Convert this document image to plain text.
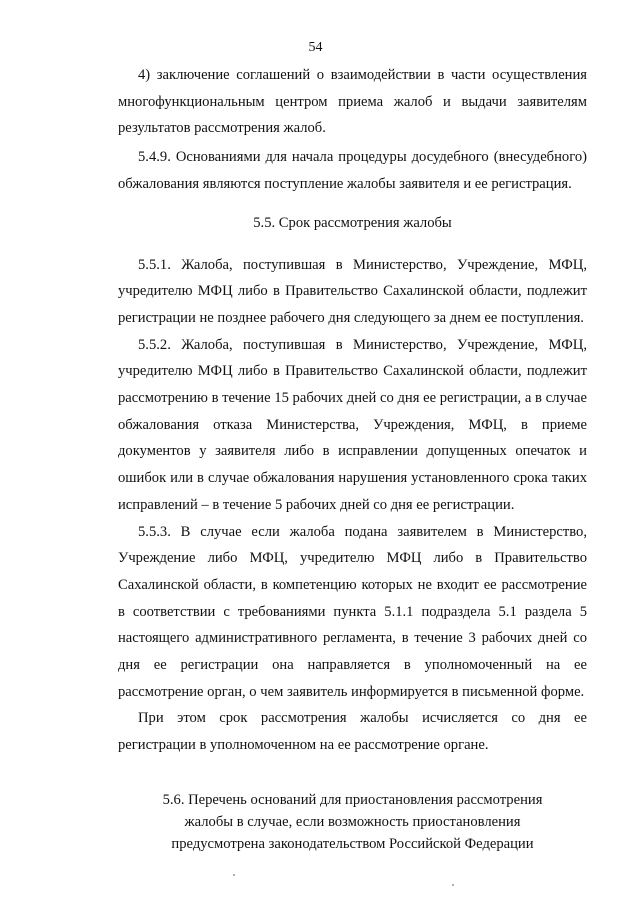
54

4) заключение соглашений о взаимодействии в части осуществления многофункциональным центром приема жалоб и выдачи заявителям результатов рассмотрения жалоб.

5.4.9. Основаниями для начала процедуры досудебного (внесудебного) обжалования являются поступление жалобы заявителя и ее регистрация.

5.5. Срок рассмотрения жалобы

5.5.1. Жалоба, поступившая в Министерство, Учреждение, МФЦ, учредителю МФЦ либо в Правительство Сахалинской области, подлежит регистрации не позднее рабочего дня следующего за днем ее поступления.

5.5.2. Жалоба, поступившая в Министерство, Учреждение, МФЦ, учредителю МФЦ либо в Правительство Сахалинской области, подлежит рассмотрению в течение 15 рабочих дней со дня ее регистрации, а в случае обжалования отказа Министерства, Учреждения, МФЦ, в приеме документов у заявителя либо в исправлении допущенных опечаток и ошибок или в случае обжалования нарушения установленного срока таких исправлений – в течение 5 рабочих дней со дня ее регистрации.

5.5.3. В случае если жалоба подана заявителем в Министерство, Учреждение либо МФЦ, учредителю МФЦ либо в Правительство Сахалинской области, в компетенцию которых не входит ее рассмотрение в соответствии с требованиями пункта 5.1.1 подраздела 5.1 раздела 5 настоящего административного регламента, в течение 3 рабочих дней со дня ее регистрации она направляется в уполномоченный на ее рассмотрение орган, о чем заявитель информируется в письменной форме.

При этом срок рассмотрения жалобы исчисляется со дня ее регистрации в уполномоченном на ее рассмотрение органе.

5.6. Перечень оснований для приостановления рассмотрения

жалобы в случае, если возможность приостановления

предусмотрена законодательством Российской Федерации
